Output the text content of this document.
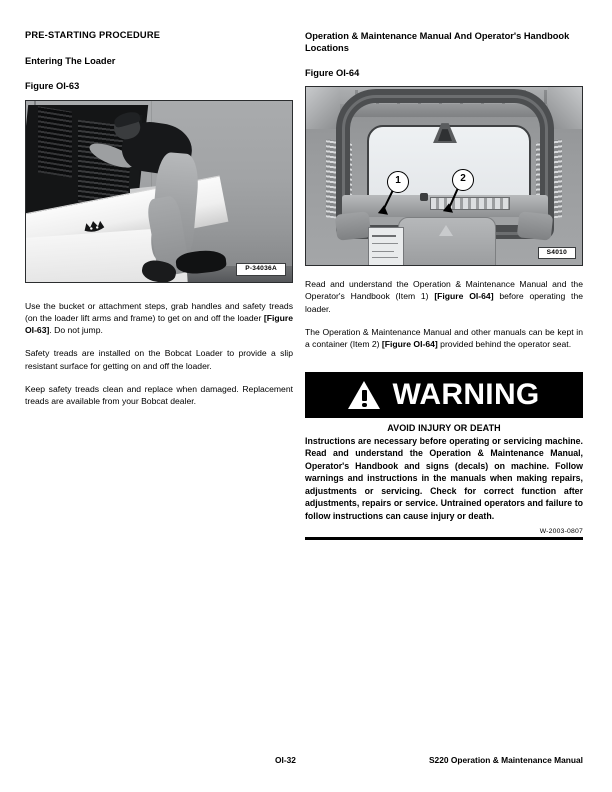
PRE-STARTING PROCEDURE
Entering The Loader
Figure OI-63
P-34036A

Use the bucket or attachment steps, grab handles and safety treads (on the loader lift arms and frame) to get on and off the loader [Figure OI-63]. Do not jump.

Safety treads are installed on the Bobcat Loader to provide a slip resistant surface for getting on and off the loader.

Keep safety treads clean and replace when damaged. Replacement treads are available from your Bobcat dealer.

Operation & Maintenance Manual And Operator's Handbook Locations
Figure OI-64
1	2
S4010

Read and understand the Operation & Maintenance Manual and the Operator's Handbook (Item 1) [Figure OI-64] before operating the loader.

The Operation & Maintenance Manual and other manuals can be kept in a container (Item 2) [Figure OI-64] provided behind the operator seat.

WARNING
AVOID INJURY OR DEATH

Instructions are necessary before operating or servicing machine. Read and understand the Operation & Maintenance Manual, Operator's Handbook and signs (decals) on machine. Follow warnings and instructions in the manuals when making repairs, adjustments or servicing. Check for correct function after adjustments, repairs or service. Untrained operators and failure to follow instructions can cause injury or death.

W-2003-0807
OI-32	S220 Operation & Maintenance Manual
